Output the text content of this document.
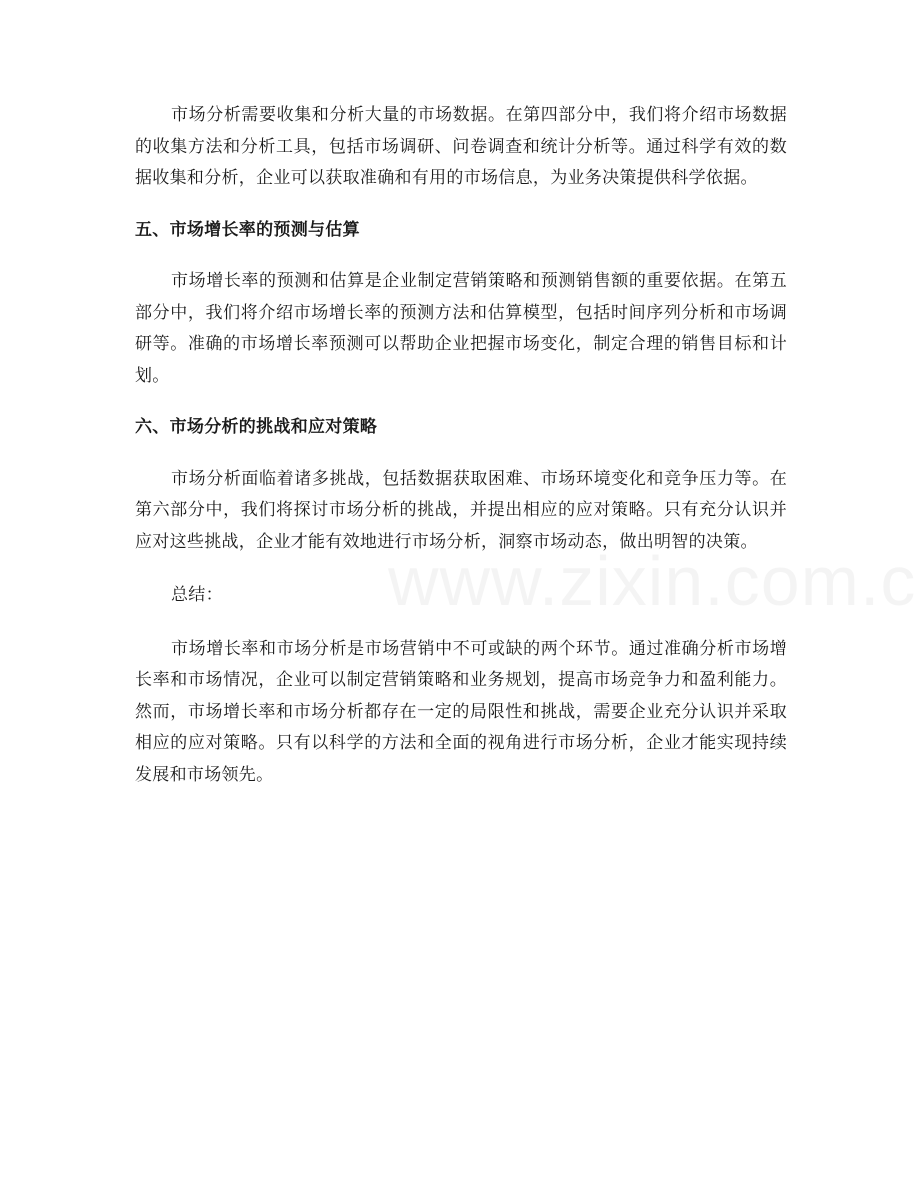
市场分析需要收集和分析大量的市场数据。在第四部分中，我们将介绍市场数据的收集方法和分析工具，包括市场调研、问卷调查和统计分析等。通过科学有效的数据收集和分析，企业可以获取准确和有用的市场信息，为业务决策提供科学依据。

五、市场增长率的预测与估算

市场增长率的预测和估算是企业制定营销策略和预测销售额的重要依据。在第五部分中，我们将介绍市场增长率的预测方法和估算模型，包括时间序列分析和市场调研等。准确的市场增长率预测可以帮助企业把握市场变化，制定合理的销售目标和计划。

六、市场分析的挑战和应对策略

市场分析面临着诸多挑战，包括数据获取困难、市场环境变化和竞争压力等。在第六部分中，我们将探讨市场分析的挑战，并提出相应的应对策略。只有充分认识并应对这些挑战，企业才能有效地进行市场分析，洞察市场动态，做出明智的决策。

总结：

市场增长率和市场分析是市场营销中不可或缺的两个环节。通过准确分析市场增长率和市场情况，企业可以制定营销策略和业务规划，提高市场竞争力和盈利能力。然而，市场增长率和市场分析都存在一定的局限性和挑战，需要企业充分认识并采取相应的应对策略。只有以科学的方法和全面的视角进行市场分析，企业才能实现持续发展和市场领先。
